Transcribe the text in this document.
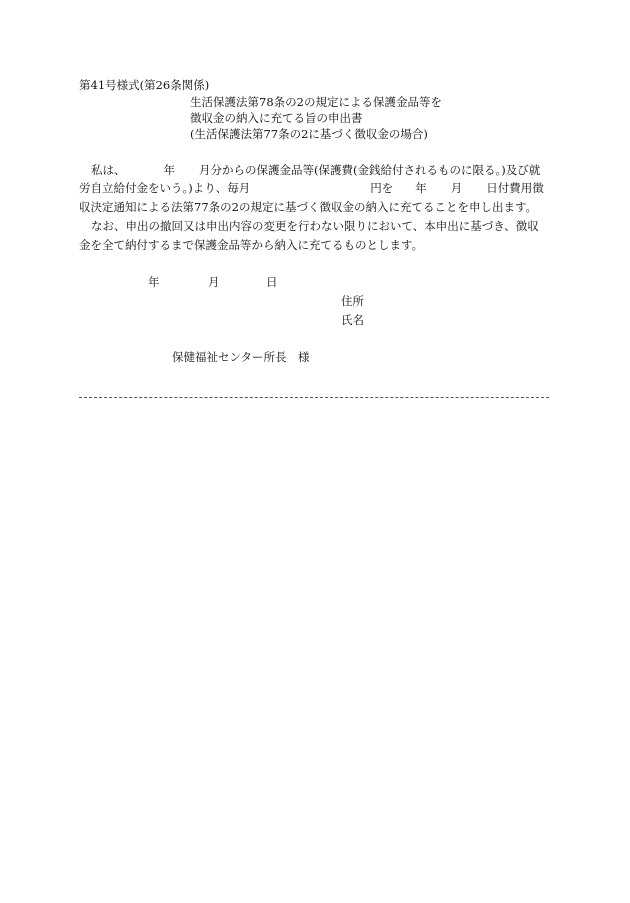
第41号様式(第26条関係)
生活保護法第78条の2の規定による保護金品等を
徴収金の納入に充てる旨の申出書
(生活保護法第77条の2に基づく徴収金の場合)
私は、	年 月分からの保護金品等(保護費(金銭給付されるものに限る。)及び就
労自立給付金をいう。)より、毎月	円を 年 月 日付費用徴
収決定通知による法第77条の2の規定に基づく徴収金の納入に充てることを申し出ます。
なお、申出の撤回又は申出内容の変更を行わない限りにおいて、本申出に基づき、徴収
金を全て納付するまで保護金品等から納入に充てるものとします。
年	月	日
住所
氏名
保健福祉センター所長　様
